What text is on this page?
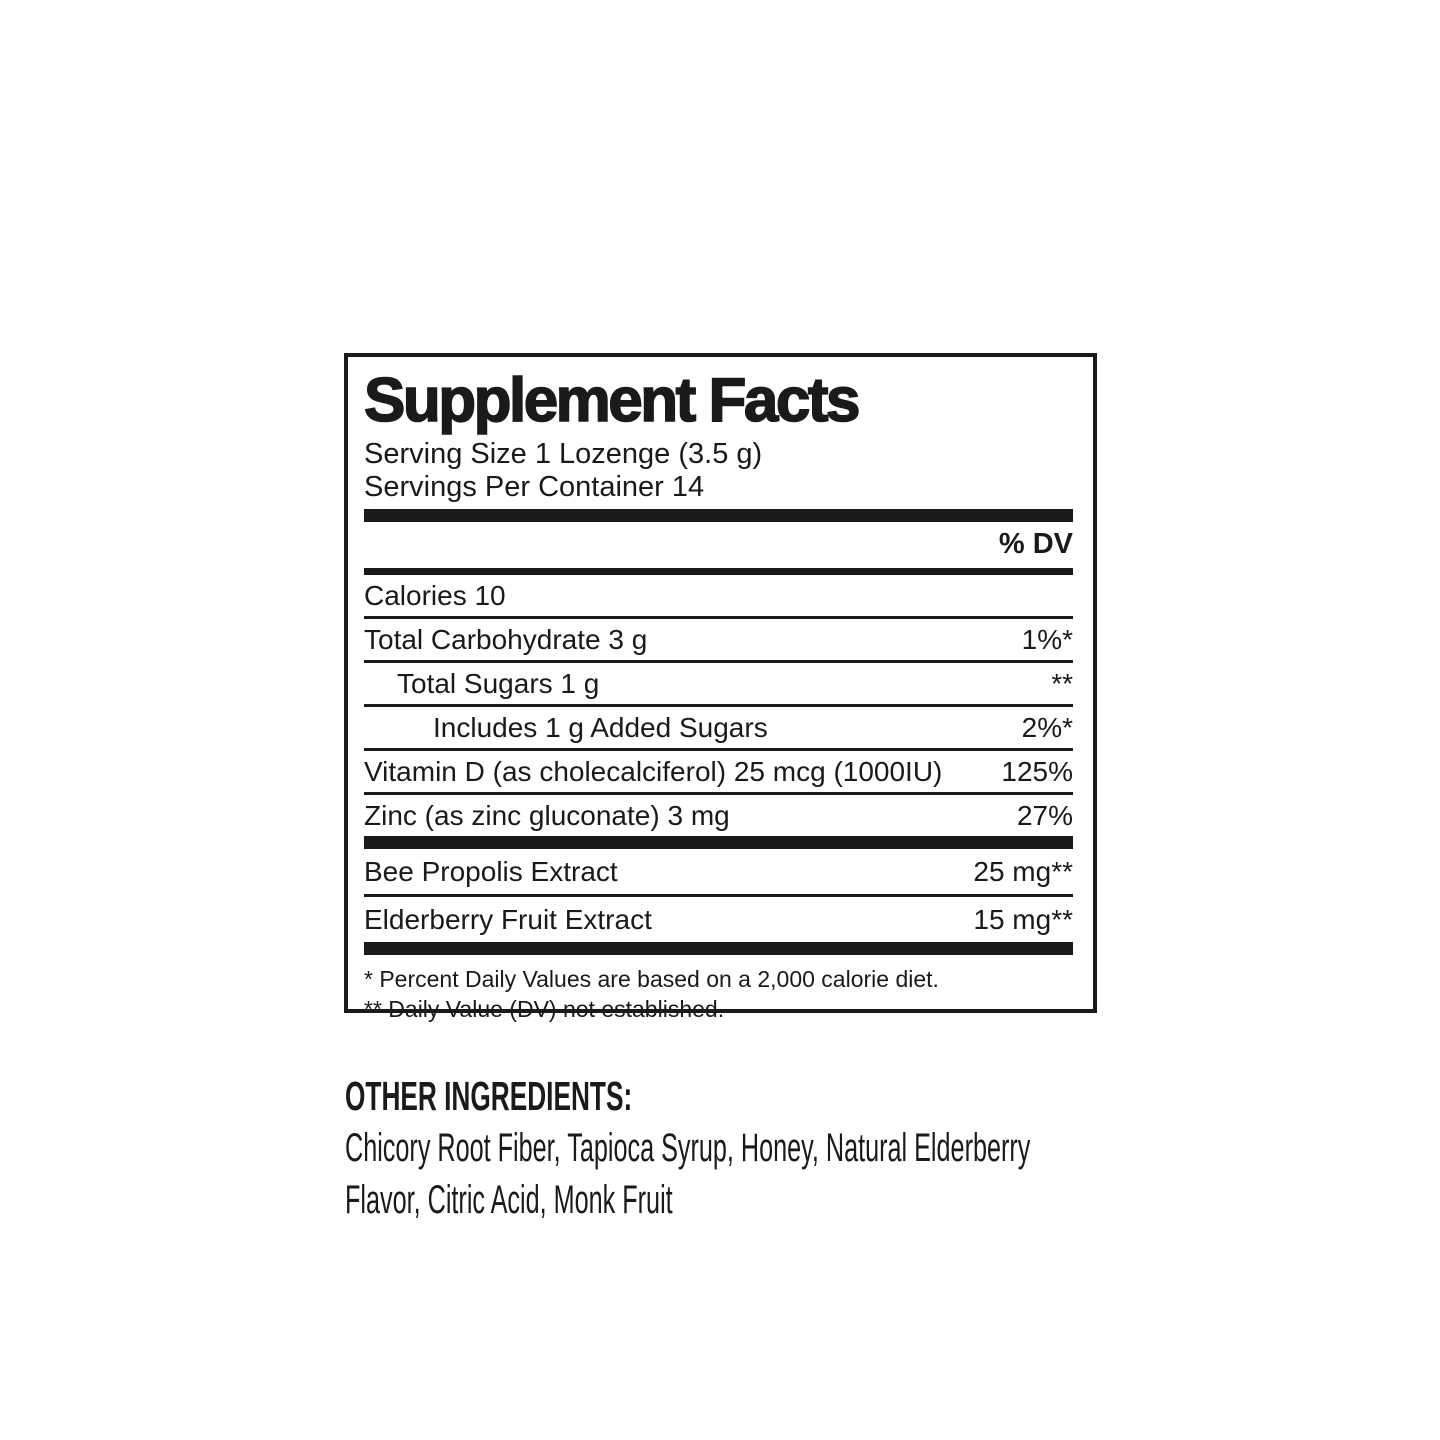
Supplement Facts
Serving Size 1 Lozenge (3.5 g)
Servings Per Container 14
% DV
Calories 10
Total Carbohydrate 3 g	1%*
Total Sugars 1 g	**
Includes 1 g Added Sugars	2%*
Vitamin D (as cholecalciferol) 25 mcg (1000IU) 125%
Zinc (as zinc gluconate) 3 mg	27%
Bee Propolis Extract	25 mg**
Elderberry Fruit Extract	15 mg**
* Percent Daily Values are based on a 2,000 calorie diet.
** Daily Value (DV) not established.
OTHER INGREDIENTS:
Chicory Root Fiber, Tapioca Syrup, Honey, Natural Elderberry Flavor, Citric Acid, Monk Fruit
